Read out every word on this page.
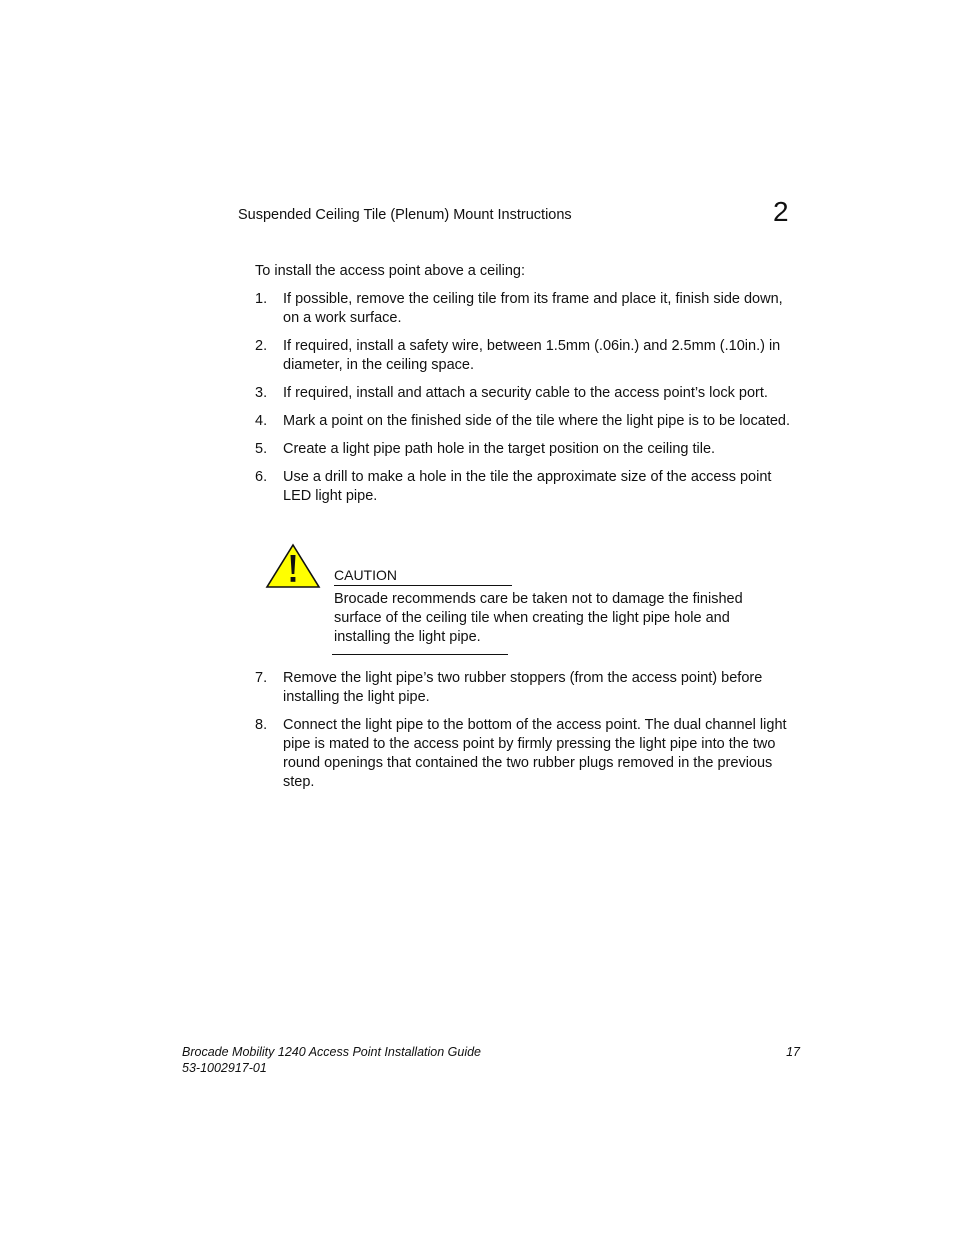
Suspended Ceiling Tile (Plenum) Mount Instructions	2
To install the access point above a ceiling:
1.	If possible, remove the ceiling tile from its frame and place it, finish side down, on a work surface.
2.	If required, install a safety wire, between 1.5mm (.06in.) and 2.5mm (.10in.) in diameter, in the ceiling space.
3.	If required, install and attach a security cable to the access point’s lock port.
4.	Mark a point on the finished side of the tile where the light pipe is to be located.
5.	Create a light pipe path hole in the target position on the ceiling tile.
6.	Use a drill to make a hole in the tile the approximate size of the access point LED light pipe.
CAUTION
Brocade recommends care be taken not to damage the finished surface of the ceiling tile when creating the light pipe hole and installing the light pipe.
7.	Remove the light pipe’s two rubber stoppers (from the access point) before installing the light pipe.
8.	Connect the light pipe to the bottom of the access point. The dual channel light pipe is mated to the access point by firmly pressing the light pipe into the two round openings that contained the two rubber plugs removed in the previous step.
Brocade Mobility 1240 Access Point Installation Guide
53-1002917-01
17
